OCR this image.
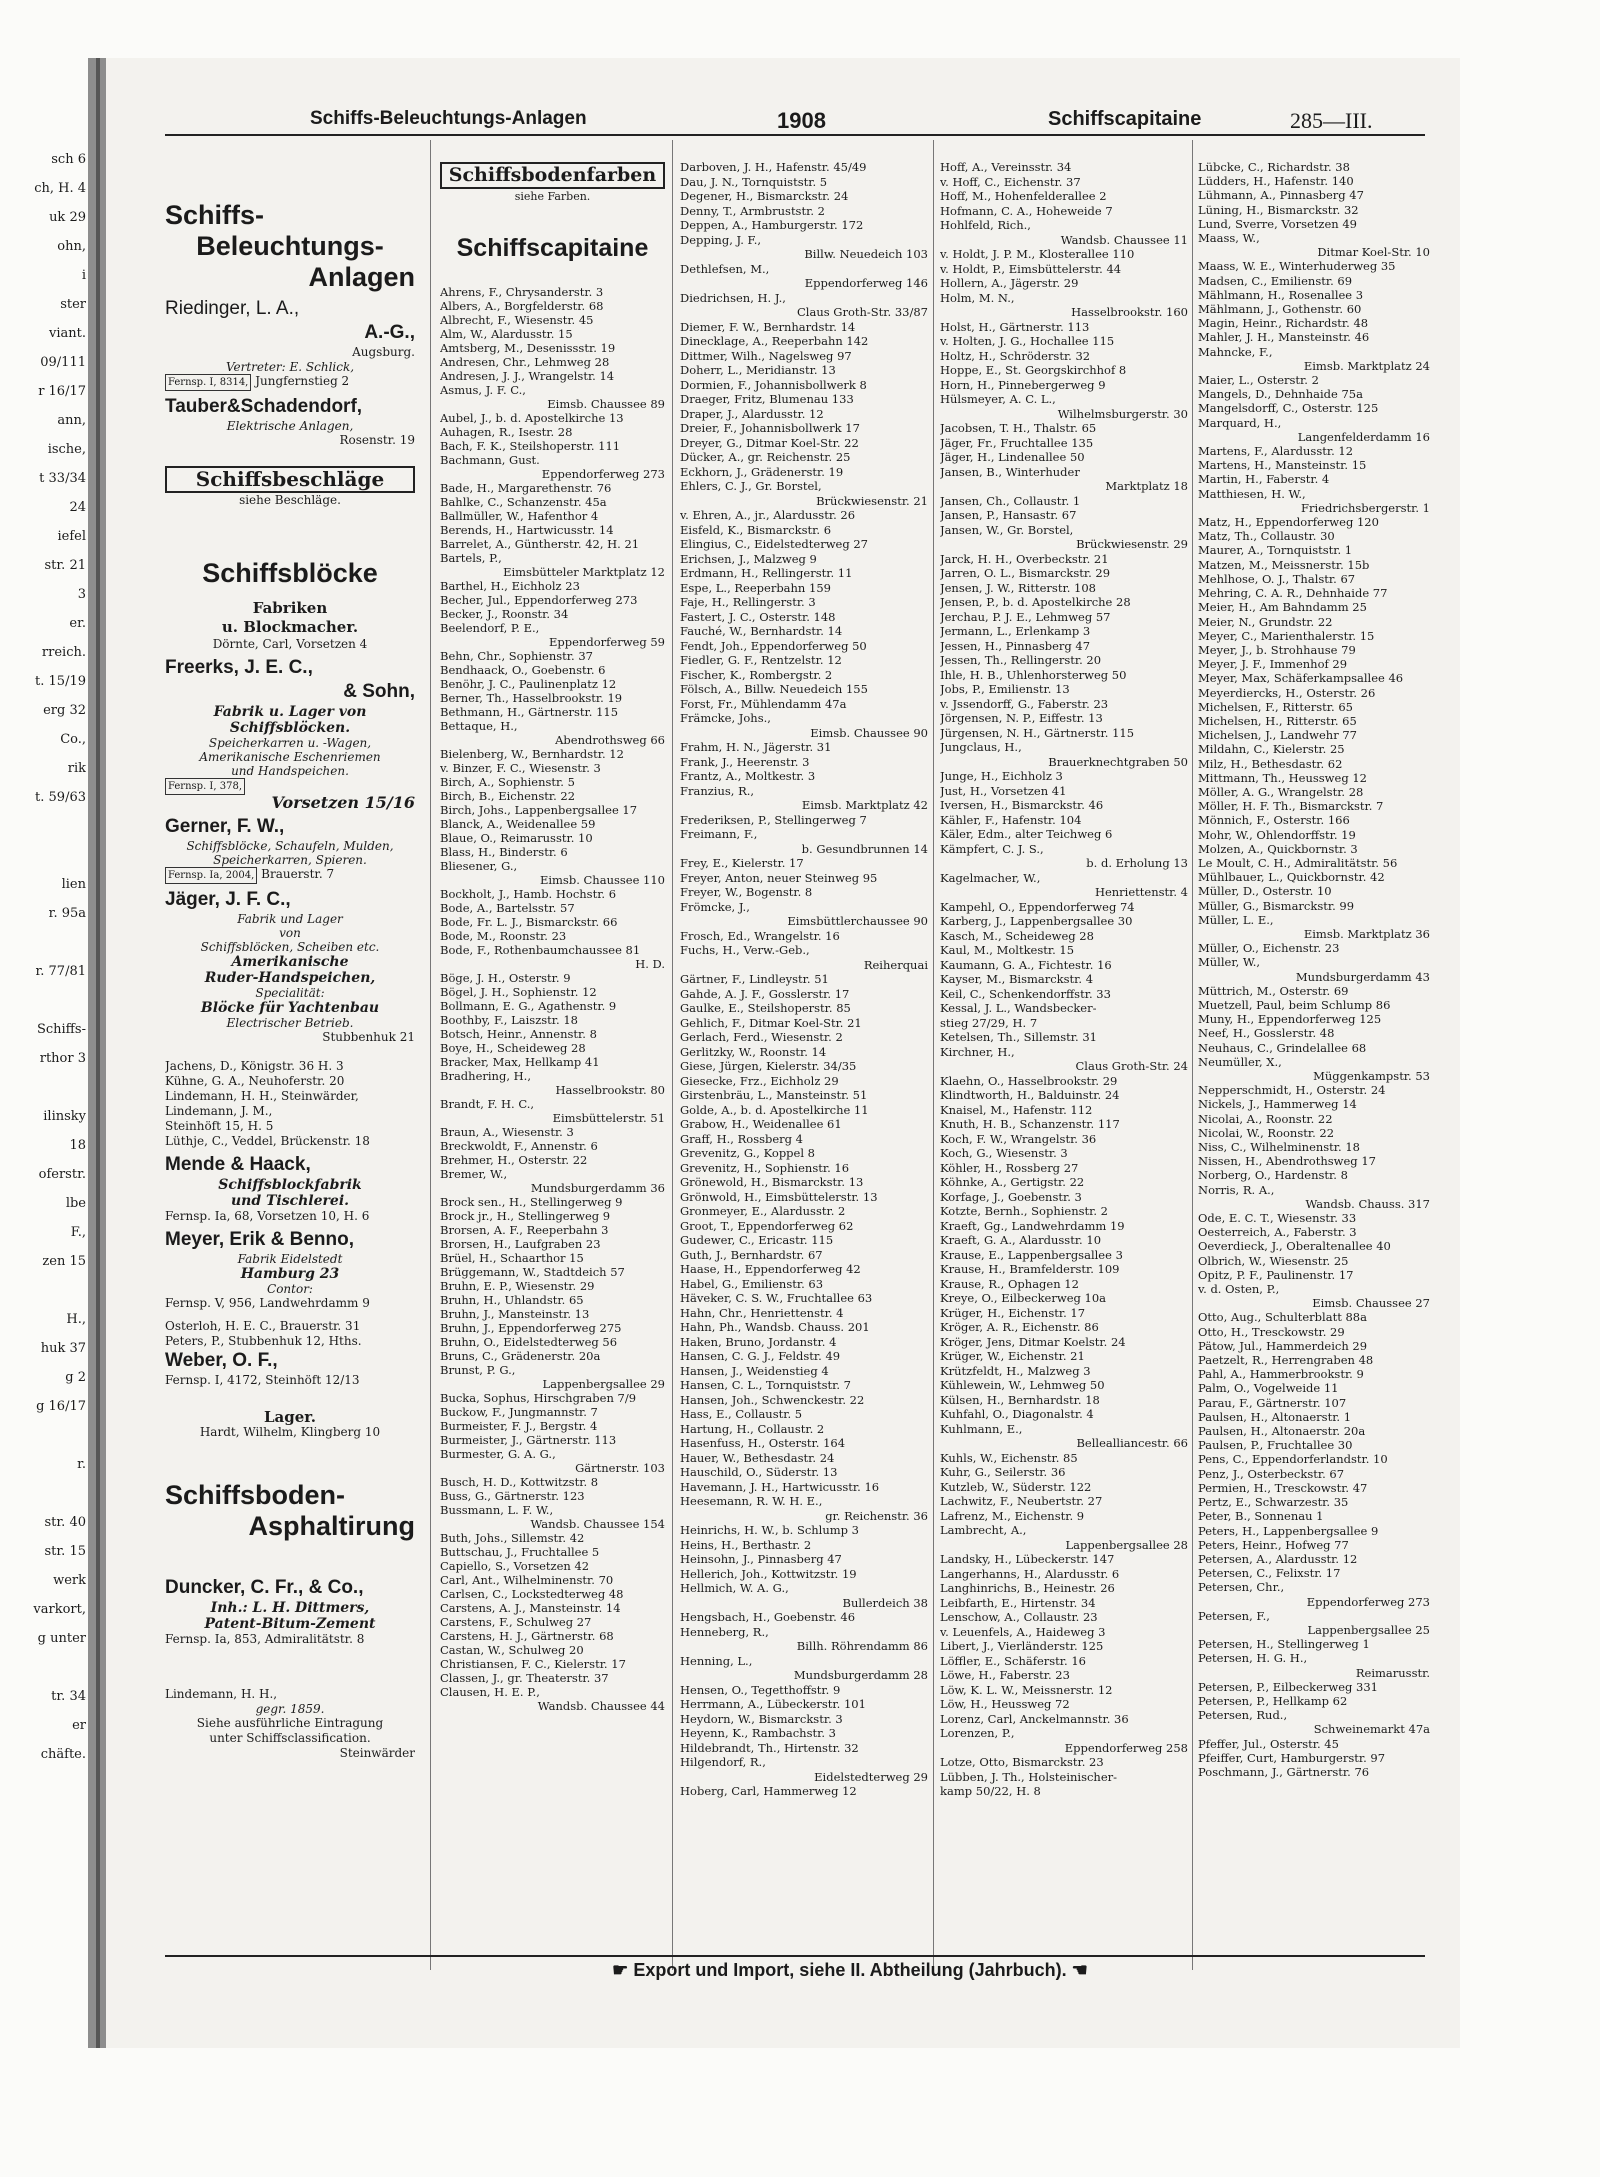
sch 6
ch, H. 4
uk 29
ohn,
i
ster
viant.
09/111
r 16/17
ann,
ische,
t 33/34
24
iefel
str. 21
3
er.
rreich.
t. 15/19
erg 32
Co.,
rik
t. 59/63
lien
r. 95a
r. 77/81
Schiffs-
rthor 3
ilinsky
18
oferstr.
lbe
F.,
zen 15
H.,
huk 37
g 2
g 16/17
r.
str. 40
str. 15
werk
varkort,
g unter
tr. 34
er
chäfte.
Schiffs-Beleuchtungs-Anlagen	1908	Schiffscapitaine	285—III.
Schiffs-
Beleuchtungs-
Anlagen
Riedinger, L. A.,
A.-G.,
Augsburg.
Vertreter: E. Schlick,
Fernsp. I, 8314, Jungfernstieg 2
Tauber&Schadendorf,
Elektrische Anlagen,
Rosenstr. 19
Schiffsbeschläge
siehe Beschläge.
Schiffsblöcke
Fabriken
u. Blockmacher.
Dörnte, Carl, Vorsetzen 4
Freerks, J. E. C.,
& Sohn,
Fabrik u. Lager von
Schiffsblöcken.
Speicherkarren u. -Wagen,
Amerikanische Eschenriemen
und Handspeichen.
Fernsp. I, 378,
Vorsetzen 15/16
Gerner, F. W.,
Schiffsblöcke, Schaufeln, Mulden,
Speicherkarren, Spieren.
Fernsp. Ia, 2004, Brauerstr. 7
Jäger, J. F. C.,
Fabrik und Lager
von
Schiffsblöcken, Scheiben etc.
Amerikanische
Ruder-Handspeichen,
Specialität:
Blöcke für Yachtenbau
Electrischer Betrieb.
Stubbenhuk 21
Jachens, D., Königstr. 36 H. 3
Kühne, G. A., Neuhoferstr. 20
Lindemann, H. H., Steinwärder,
Lindemann, J. M.,
Steinhöft 15, H. 5
Lüthje, C., Veddel, Brückenstr. 18
Mende & Haack,
Schiffsblockfabrik
und Tischlerei.
Fernsp. Ia, 68, Vorsetzen 10, H. 6
Meyer, Erik & Benno,
Fabrik Eidelstedt
Hamburg 23
Contor:
Fernsp. V, 956, Landwehrdamm 9
Osterloh, H. E. C., Brauerstr. 31
Peters, P., Stubbenhuk 12, Hths.
Weber, O. F.,
Fernsp. I, 4172, Steinhöft 12/13
Lager.
Hardt, Wilhelm, Klingberg 10
Schiffsboden-
Asphaltirung
Duncker, C. Fr., & Co.,
Inh.: L. H. Dittmers,
Patent-Bitum-Zement
Fernsp. Ia, 853, Admiralitätstr. 8
Lindemann, H. H.,
gegr. 1859.
Siehe ausführliche Eintragung
unter Schiffsclassification.
Steinwärder
Schiffsbodenfarben
siehe Farben.
Schiffscapitaine
Ahrens, F., Chrysanderstr. 3
Albers, A., Borgfelderstr. 68
Albrecht, F., Wiesenstr. 45
Alm, W., Alardusstr. 15
Amtsberg, M., Desenissstr. 19
Andresen, Chr., Lehmweg 28
Andresen, J. J., Wrangelstr. 14
Asmus, J. F. C.,
Eimsb. Chaussee 89
Aubel, J., b. d. Apostelkirche 13
Auhagen, R., Isestr. 28
Bach, F. K., Steilshoperstr. 111
Bachmann, Gust.
Eppendorferweg 273
Bade, H., Margarethenstr. 76
Bahlke, C., Schanzenstr. 45a
Ballmüller, W., Hafenthor 4
Berends, H., Hartwicusstr. 14
Barrelet, A., Güntherstr. 42, H. 21
Bartels, P.,
Eimsbütteler Marktplatz 12
Barthel, H., Eichholz 23
Becher, Jul., Eppendorferweg 273
Becker, J., Roonstr. 34
Beelendorf, P. E.,
Eppendorferweg 59
Behn, Chr., Sophienstr. 37
Bendhaack, O., Goebenstr. 6
Benöhr, J. C., Paulinenplatz 12
Berner, Th., Hasselbrookstr. 19
Bethmann, H., Gärtnerstr. 115
Bettaque, H.,
Abendrothsweg 66
Bielenberg, W., Bernhardstr. 12
v. Binzer, F. C., Wiesenstr. 3
Birch, A., Sophienstr. 5
Birch, B., Eichenstr. 22
Birch, Johs., Lappenbergsallee 17
Blanck, A., Weidenallee 59
Blaue, O., Reimarusstr. 10
Blass, H., Binderstr. 6
Bliesener, G.,
Eimsb. Chaussee 110
Bockholt, J., Hamb. Hochstr. 6
Bode, A., Bartelsstr. 57
Bode, Fr. L. J., Bismarckstr. 66
Bode, M., Roonstr. 23
Bode, F., Rothenbaumchaussee 81
H. D.
Böge, J. H., Osterstr. 9
Bögel, J. H., Sophienstr. 12
Bollmann, E. G., Agathenstr. 9
Boothby, F., Laiszstr. 18
Botsch, Heinr., Annenstr. 8
Boye, H., Scheideweg 28
Bracker, Max, Hellkamp 41
Bradhering, H.,
Hasselbrookstr. 80
Brandt, F. H. C.,
Eimsbüttelerstr. 51
Braun, A., Wiesenstr. 3
Breckwoldt, F., Annenstr. 6
Brehmer, H., Osterstr. 22
Bremer, W.,
Mundsburgerdamm 36
Brock sen., H., Stellingerweg 9
Brock jr., H., Stellingerweg 9
Brorsen, A. F., Reeperbahn 3
Brorsen, H., Laufgraben 23
Brüel, H., Schaarthor 15
Brüggemann, W., Stadtdeich 57
Bruhn, E. P., Wiesenstr. 29
Bruhn, H., Uhlandstr. 65
Bruhn, J., Mansteinstr. 13
Bruhn, J., Eppendorferweg 275
Bruhn, O., Eidelstedterweg 56
Bruns, C., Grädenerstr. 20a
Brunst, P. G.,
Lappenbergsallee 29
Bucka, Sophus, Hirschgraben 7/9
Buckow, F., Jungmannstr. 7
Burmeister, F. J., Bergstr. 4
Burmeister, J., Gärtnerstr. 113
Burmester, G. A. G.,
Gärtnerstr. 103
Busch, H. D., Kottwitzstr. 8
Buss, G., Gärtnerstr. 123
Bussmann, L. F. W.,
Wandsb. Chaussee 154
Buth, Johs., Sillemstr. 42
Buttschau, J., Fruchtallee 5
Capiello, S., Vorsetzen 42
Carl, Ant., Wilhelminenstr. 70
Carlsen, C., Lockstedterweg 48
Carstens, A. J., Mansteinstr. 14
Carstens, F., Schulweg 27
Carstens, H. J., Gärtnerstr. 68
Castan, W., Schulweg 20
Christiansen, F. C., Kielerstr. 17
Classen, J., gr. Theaterstr. 37
Clausen, H. E. P.,
Wandsb. Chaussee 44
Darboven, J. H., Hafenstr. 45/49
Dau, J. N., Tornquiststr. 5
Degener, H., Bismarckstr. 24
Denny, T., Armbruststr. 2
Deppen, A., Hamburgerstr. 172
Depping, J. F.,
Billw. Neuedeich 103
Dethlefsen, M.,
Eppendorferweg 146
Diedrichsen, H. J.,
Claus Groth-Str. 33/87
Diemer, F. W., Bernhardstr. 14
Dinecklage, A., Reeperbahn 142
Dittmer, Wilh., Nagelsweg 97
Doherr, L., Meridianstr. 13
Dormien, F., Johannisbollwerk 8
Draeger, Fritz, Blumenau 133
Draper, J., Alardusstr. 12
Dreier, F., Johannisbollwerk 17
Dreyer, G., Ditmar Koel-Str. 22
Dücker, A., gr. Reichenstr. 25
Eckhorn, J., Grädenerstr. 19
Ehlers, C. J., Gr. Borstel,
Brückwiesenstr. 21
v. Ehren, A., jr., Alardusstr. 26
Eisfeld, K., Bismarckstr. 6
Elingius, C., Eidelstedterweg 27
Erichsen, J., Malzweg 9
Erdmann, H., Rellingerstr. 11
Espe, L., Reeperbahn 159
Faje, H., Rellingerstr. 3
Fastert, J. C., Osterstr. 148
Fauché, W., Bernhardstr. 14
Fendt, Joh., Eppendorferweg 50
Fiedler, G. F., Rentzelstr. 12
Fischer, K., Rombergstr. 2
Fölsch, A., Billw. Neuedeich 155
Forst, Fr., Mühlendamm 47a
Främcke, Johs.,
Eimsb. Chaussee 90
Frahm, H. N., Jägerstr. 31
Frank, J., Heerenstr. 3
Frantz, A., Moltkestr. 3
Franzius, R.,
Eimsb. Marktplatz 42
Frederiksen, P., Stellingerweg 7
Freimann, F.,
b. Gesundbrunnen 14
Frey, E., Kielerstr. 17
Freyer, Anton, neuer Steinweg 95
Freyer, W., Bogenstr. 8
Frömcke, J.,
Eimsbüttlerchaussee 90
Frosch, Ed., Wrangelstr. 16
Fuchs, H., Verw.-Geb.,
Reiherquai
Gärtner, F., Lindleystr. 51
Gahde, A. J. F., Gosslerstr. 17
Gaulke, E., Steilshoperstr. 85
Gehlich, F., Ditmar Koel-Str. 21
Gerlach, Ferd., Wiesenstr. 2
Gerlitzky, W., Roonstr. 14
Giese, Jürgen, Kielerstr. 34/35
Giesecke, Frz., Eichholz 29
Girstenbräu, L., Mansteinstr. 51
Golde, A., b. d. Apostelkirche 11
Grabow, H., Weidenallee 61
Graff, H., Rossberg 4
Grevenitz, G., Koppel 8
Grevenitz, H., Sophienstr. 16
Grönewold, H., Bismarckstr. 13
Grönwold, H., Eimsbüttelerstr. 13
Gronmeyer, E., Alardusstr. 2
Groot, T., Eppendorferweg 62
Gudewer, C., Ericastr. 115
Guth, J., Bernhardstr. 67
Haase, H., Eppendorferweg 42
Habel, G., Emilienstr. 63
Häveker, C. S. W., Fruchtallee 63
Hahn, Chr., Henriettenstr. 4
Hahn, Ph., Wandsb. Chauss. 201
Haken, Bruno, Jordanstr. 4
Hansen, C. G. J., Feldstr. 49
Hansen, J., Weidenstieg 4
Hansen, C. L., Tornquiststr. 7
Hansen, Joh., Schwenckestr. 22
Hass, E., Collaustr. 5
Hartung, H., Collaustr. 2
Hasenfuss, H., Osterstr. 164
Hauer, W., Bethesdastr. 24
Hauschild, O., Süderstr. 13
Havemann, J. H., Hartwicusstr. 16
Heesemann, R. W. H. E.,
gr. Reichenstr. 36
Heinrichs, H. W., b. Schlump 3
Heins, H., Berthastr. 2
Heinsohn, J., Pinnasberg 47
Hellerich, Joh., Kottwitzstr. 19
Hellmich, W. A. G.,
Bullerdeich 38
Hengsbach, H., Goebenstr. 46
Henneberg, R.,
Billh. Röhrendamm 86
Henning, L.,
Mundsburgerdamm 28
Hensen, O., Tegetthoffstr. 9
Herrmann, A., Lübeckerstr. 101
Heydorn, W., Bismarckstr. 3
Heyenn, K., Rambachstr. 3
Hildebrandt, Th., Hirtenstr. 32
Hilgendorf, R.,
Eidelstedterweg 29
Hoberg, Carl, Hammerweg 12
Hoff, A., Vereinsstr. 34
v. Hoff, C., Eichenstr. 37
Hoff, M., Hohenfelderallee 2
Hofmann, C. A., Hoheweide 7
Hohlfeld, Rich.,
Wandsb. Chaussee 11
v. Holdt, J. P. M., Klosterallee 110
v. Holdt, P., Eimsbüttelerstr. 44
Hollern, A., Jägerstr. 29
Holm, M. N.,
Hasselbrookstr. 160
Holst, H., Gärtnerstr. 113
v. Holten, J. G., Hochallee 115
Holtz, H., Schröderstr. 32
Hoppe, E., St. Georgskirchhof 8
Horn, H., Pinnebergerweg 9
Hülsmeyer, A. C. L.,
Wilhelmsburgerstr. 30
Jacobsen, T. H., Thalstr. 65
Jäger, Fr., Fruchtallee 135
Jäger, H., Lindenallee 50
Jansen, B., Winterhuder
Marktplatz 18
Jansen, Ch., Collaustr. 1
Jansen, P., Hansastr. 67
Jansen, W., Gr. Borstel,
Brückwiesenstr. 29
Jarck, H. H., Overbeckstr. 21
Jarren, O. L., Bismarckstr. 29
Jensen, J. W., Ritterstr. 108
Jensen, P., b. d. Apostelkirche 28
Jerchau, P. J. E., Lehmweg 57
Jermann, L., Erlenkamp 3
Jessen, H., Pinnasberg 47
Jessen, Th., Rellingerstr. 20
Ihle, H. B., Uhlenhorsterweg 50
Jobs, P., Emilienstr. 13
v. Jssendorff, G., Faberstr. 23
Jörgensen, N. P., Eiffestr. 13
Jürgensen, N. H., Gärtnerstr. 115
Jungclaus, H.,
Brauerknechtgraben 50
Junge, H., Eichholz 3
Just, H., Vorsetzen 41
Iversen, H., Bismarckstr. 46
Kähler, F., Hafenstr. 104
Käler, Edm., alter Teichweg 6
Kämpfert, C. J. S.,
b. d. Erholung 13
Kagelmacher, W.,
Henriettenstr. 4
Kampehl, O., Eppendorferweg 74
Karberg, J., Lappenbergsallee 30
Kasch, M., Scheideweg 28
Kaul, M., Moltkestr. 15
Kaumann, G. A., Fichtestr. 16
Kayser, M., Bismarckstr. 4
Keil, C., Schenkendorffstr. 33
Kessal, J. L., Wandsbecker-
stieg 27/29, H. 7
Ketelsen, Th., Sillemstr. 31
Kirchner, H.,
Claus Groth-Str. 24
Klaehn, O., Hasselbrookstr. 29
Klindtworth, H., Balduinstr. 24
Knaisel, M., Hafenstr. 112
Knuth, H. B., Schanzenstr. 117
Koch, F. W., Wrangelstr. 36
Koch, G., Wiesenstr. 3
Köhler, H., Rossberg 27
Köhnke, A., Gertigstr. 22
Korfage, J., Goebenstr. 3
Kotzte, Bernh., Sophienstr. 2
Kraeft, Gg., Landwehrdamm 19
Kraeft, G. A., Alardusstr. 10
Krause, E., Lappenbergsallee 3
Krause, H., Bramfelderstr. 109
Krause, R., Ophagen 12
Kreye, O., Eilbeckerweg 10a
Krüger, H., Eichenstr. 17
Kröger, A. R., Eichenstr. 86
Kröger, Jens, Ditmar Koelstr. 24
Krüger, W., Eichenstr. 21
Krützfeldt, H., Malzweg 3
Kühlewein, W., Lehmweg 50
Külsen, H., Bernhardstr. 18
Kuhfahl, O., Diagonalstr. 4
Kuhlmann, E.,
Bellealliancestr. 66
Kuhls, W., Eichenstr. 85
Kuhr, G., Seilerstr. 36
Kutzleb, W., Süderstr. 122
Lachwitz, F., Neubertstr. 27
Lafrenz, M., Eichenstr. 9
Lambrecht, A.,
Lappenbergsallee 28
Landsky, H., Lübeckerstr. 147
Langerhanns, H., Alardusstr. 6
Langhinrichs, B., Heinestr. 26
Leibfarth, E., Hirtenstr. 34
Lenschow, A., Collaustr. 23
v. Leuenfels, A., Haideweg 3
Libert, J., Vierländerstr. 125
Löffler, E., Schäferstr. 16
Löwe, H., Faberstr. 23
Löw, K. L. W., Meissnerstr. 12
Löw, H., Heussweg 72
Lorenz, Carl, Anckelmannstr. 36
Lorenzen, P.,
Eppendorferweg 258
Lotze, Otto, Bismarckstr. 23
Lübben, J. Th., Holsteinischer-
kamp 50/22, H. 8
Lübcke, C., Richardstr. 38
Lüdders, H., Hafenstr. 140
Lühmann, A., Pinnasberg 47
Lüning, H., Bismarckstr. 32
Lund, Sverre, Vorsetzen 49
Maass, W.,
Ditmar Koel-Str. 10
Maass, W. E., Winterhuderweg 35
Madsen, C., Emilienstr. 69
Mählmann, H., Rosenallee 3
Mählmann, J., Gothenstr. 60
Magin, Heinr., Richardstr. 48
Mahler, J. H., Mansteinstr. 46
Mahncke, F.,
Eimsb. Marktplatz 24
Maier, L., Osterstr. 2
Mangels, D., Dehnhaide 75a
Mangelsdorff, C., Osterstr. 125
Marquard, H.,
Langenfelderdamm 16
Martens, F., Alardusstr. 12
Martens, H., Mansteinstr. 15
Martin, H., Faberstr. 4
Matthiesen, H. W.,
Friedrichsbergerstr. 1
Matz, H., Eppendorferweg 120
Matz, Th., Collaustr. 30
Maurer, A., Tornquiststr. 1
Matzen, M., Meissnerstr. 15b
Mehlhose, O. J., Thalstr. 67
Mehring, C. A. R., Dehnhaide 77
Meier, H., Am Bahndamm 25
Meier, N., Grundstr. 22
Meyer, C., Marienthalerstr. 15
Meyer, J., b. Strohhause 79
Meyer, J. F., Immenhof 29
Meyer, Max, Schäferkampsallee 46
Meyerdiercks, H., Osterstr. 26
Michelsen, F., Ritterstr. 65
Michelsen, H., Ritterstr. 65
Michelsen, J., Landwehr 77
Mildahn, C., Kielerstr. 25
Milz, H., Bethesdastr. 62
Mittmann, Th., Heussweg 12
Möller, A. G., Wrangelstr. 28
Möller, H. F. Th., Bismarckstr. 7
Mönnich, F., Osterstr. 166
Mohr, W., Ohlendorffstr. 19
Molzen, A., Quickbornstr. 3
Le Moult, C. H., Admiralitätstr. 56
Mühlbauer, L., Quickbornstr. 42
Müller, D., Osterstr. 10
Müller, G., Bismarckstr. 99
Müller, L. E.,
Eimsb. Marktplatz 36
Müller, O., Eichenstr. 23
Müller, W.,
Mundsburgerdamm 43
Müttrich, M., Osterstr. 69
Muetzell, Paul, beim Schlump 86
Muny, H., Eppendorferweg 125
Neef, H., Gosslerstr. 48
Neuhaus, C., Grindelallee 68
Neumüller, X.,
Müggenkampstr. 53
Nepperschmidt, H., Osterstr. 24
Nickels, J., Hammerweg 14
Nicolai, A., Roonstr. 22
Nicolai, W., Roonstr. 22
Niss, C., Wilhelminenstr. 18
Nissen, H., Abendrothsweg 17
Norberg, O., Hardenstr. 8
Norris, R. A.,
Wandsb. Chauss. 317
Ode, E. C. T., Wiesenstr. 33
Oesterreich, A., Faberstr. 3
Oeverdieck, J., Oberaltenallee 40
Olbrich, W., Wiesenstr. 25
Opitz, P. F., Paulinenstr. 17
v. d. Osten, P.,
Eimsb. Chaussee 27
Otto, Aug., Schulterblatt 88a
Otto, H., Tresckowstr. 29
Pätow, Jul., Hammerdeich 29
Paetzelt, R., Herrengraben 48
Pahl, A., Hammerbrookstr. 9
Palm, O., Vogelweide 11
Parau, F., Gärtnerstr. 107
Paulsen, H., Altonaerstr. 1
Paulsen, H., Altonaerstr. 20a
Paulsen, P., Fruchtallee 30
Pens, C., Eppendorferlandstr. 10
Penz, J., Osterbeckstr. 67
Permien, H., Tresckowstr. 47
Pertz, E., Schwarzestr. 35
Peter, B., Sonnenau 1
Peters, H., Lappenbergsallee 9
Peters, Heinr., Hofweg 77
Petersen, A., Alardusstr. 12
Petersen, C., Felixstr. 17
Petersen, Chr.,
Eppendorferweg 273
Petersen, F.,
Lappenbergsallee 25
Petersen, H., Stellingerweg 1
Petersen, H. G. H.,
Reimarusstr.
Petersen, P., Eilbeckerweg 331
Petersen, P., Hellkamp 62
Petersen, Rud.,
Schweinemarkt 47a
Pfeffer, Jul., Osterstr. 45
Pfeiffer, Curt, Hamburgerstr. 97
Poschmann, J., Gärtnerstr. 76
☛ Export und Import, siehe II. Abtheilung (Jahrbuch). ☚
